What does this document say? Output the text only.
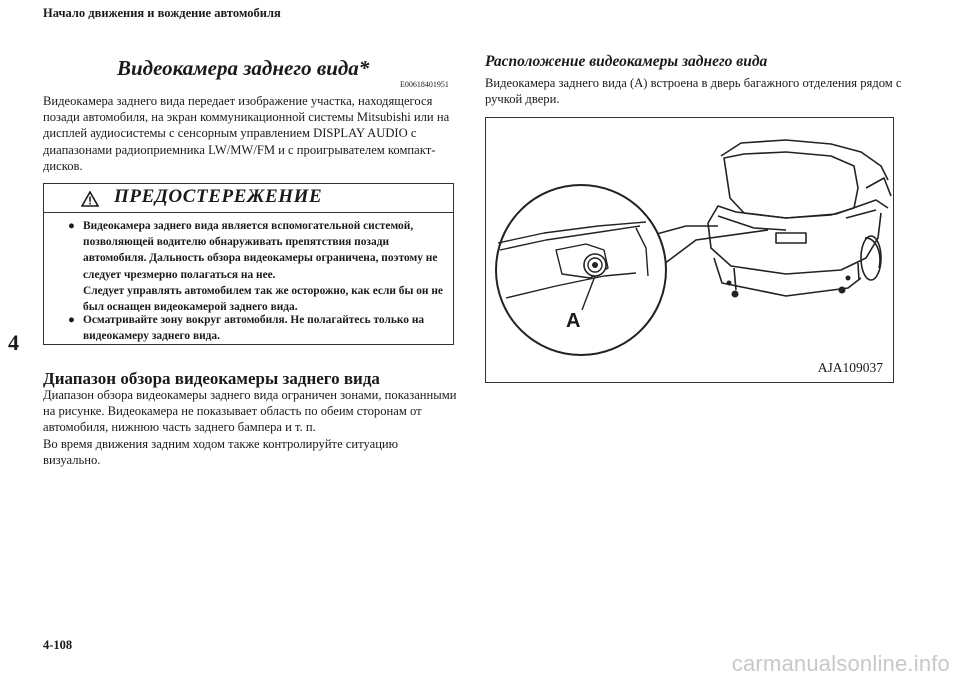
Начало движения и вождение автомобиля
4
Видеокамера заднего вида*
E00618401951
Видеокамера заднего вида передает изображение участка, находящегося позади автомобиля, на экран коммуникационной системы Mitsubishi или на дисплей аудиосистемы с сенсорным управлением DISPLAY AUDIO с диапазонами радиоприемника LW/MW/FM и с проигрывателем компакт-дисков.
ПРЕДОСТЕРЕЖЕНИЕ
● Видеокамера заднего вида является вспомогательной системой, позволяющей водителю обнаруживать препятствия позади автомобиля. Дальность обзора видеокамеры ограничена, поэтому не следует чрезмерно полагаться на нее.
Следует управлять автомобилем так же осторожно, как если бы он не был оснащен видеокамерой заднего вида.
● Осматривайте зону вокруг автомобиля. Не полагайтесь только на видеокамеру заднего вида.
Диапазон обзора видеокамеры заднего вида
Диапазон обзора видеокамеры заднего вида ограничен зонами, показанными на рисунке. Видеокамера не показывает область по обеим сторонам от автомобиля, нижнюю часть заднего бампера и т. п.
Во время движения задним ходом также контролируйте ситуацию визуально.
Расположение видеокамеры заднего вида
Видеокамера заднего вида (A) встроена в дверь багажного отделения рядом с ручкой двери.
A
AJA109037
4-108
carmanualsonline.info
